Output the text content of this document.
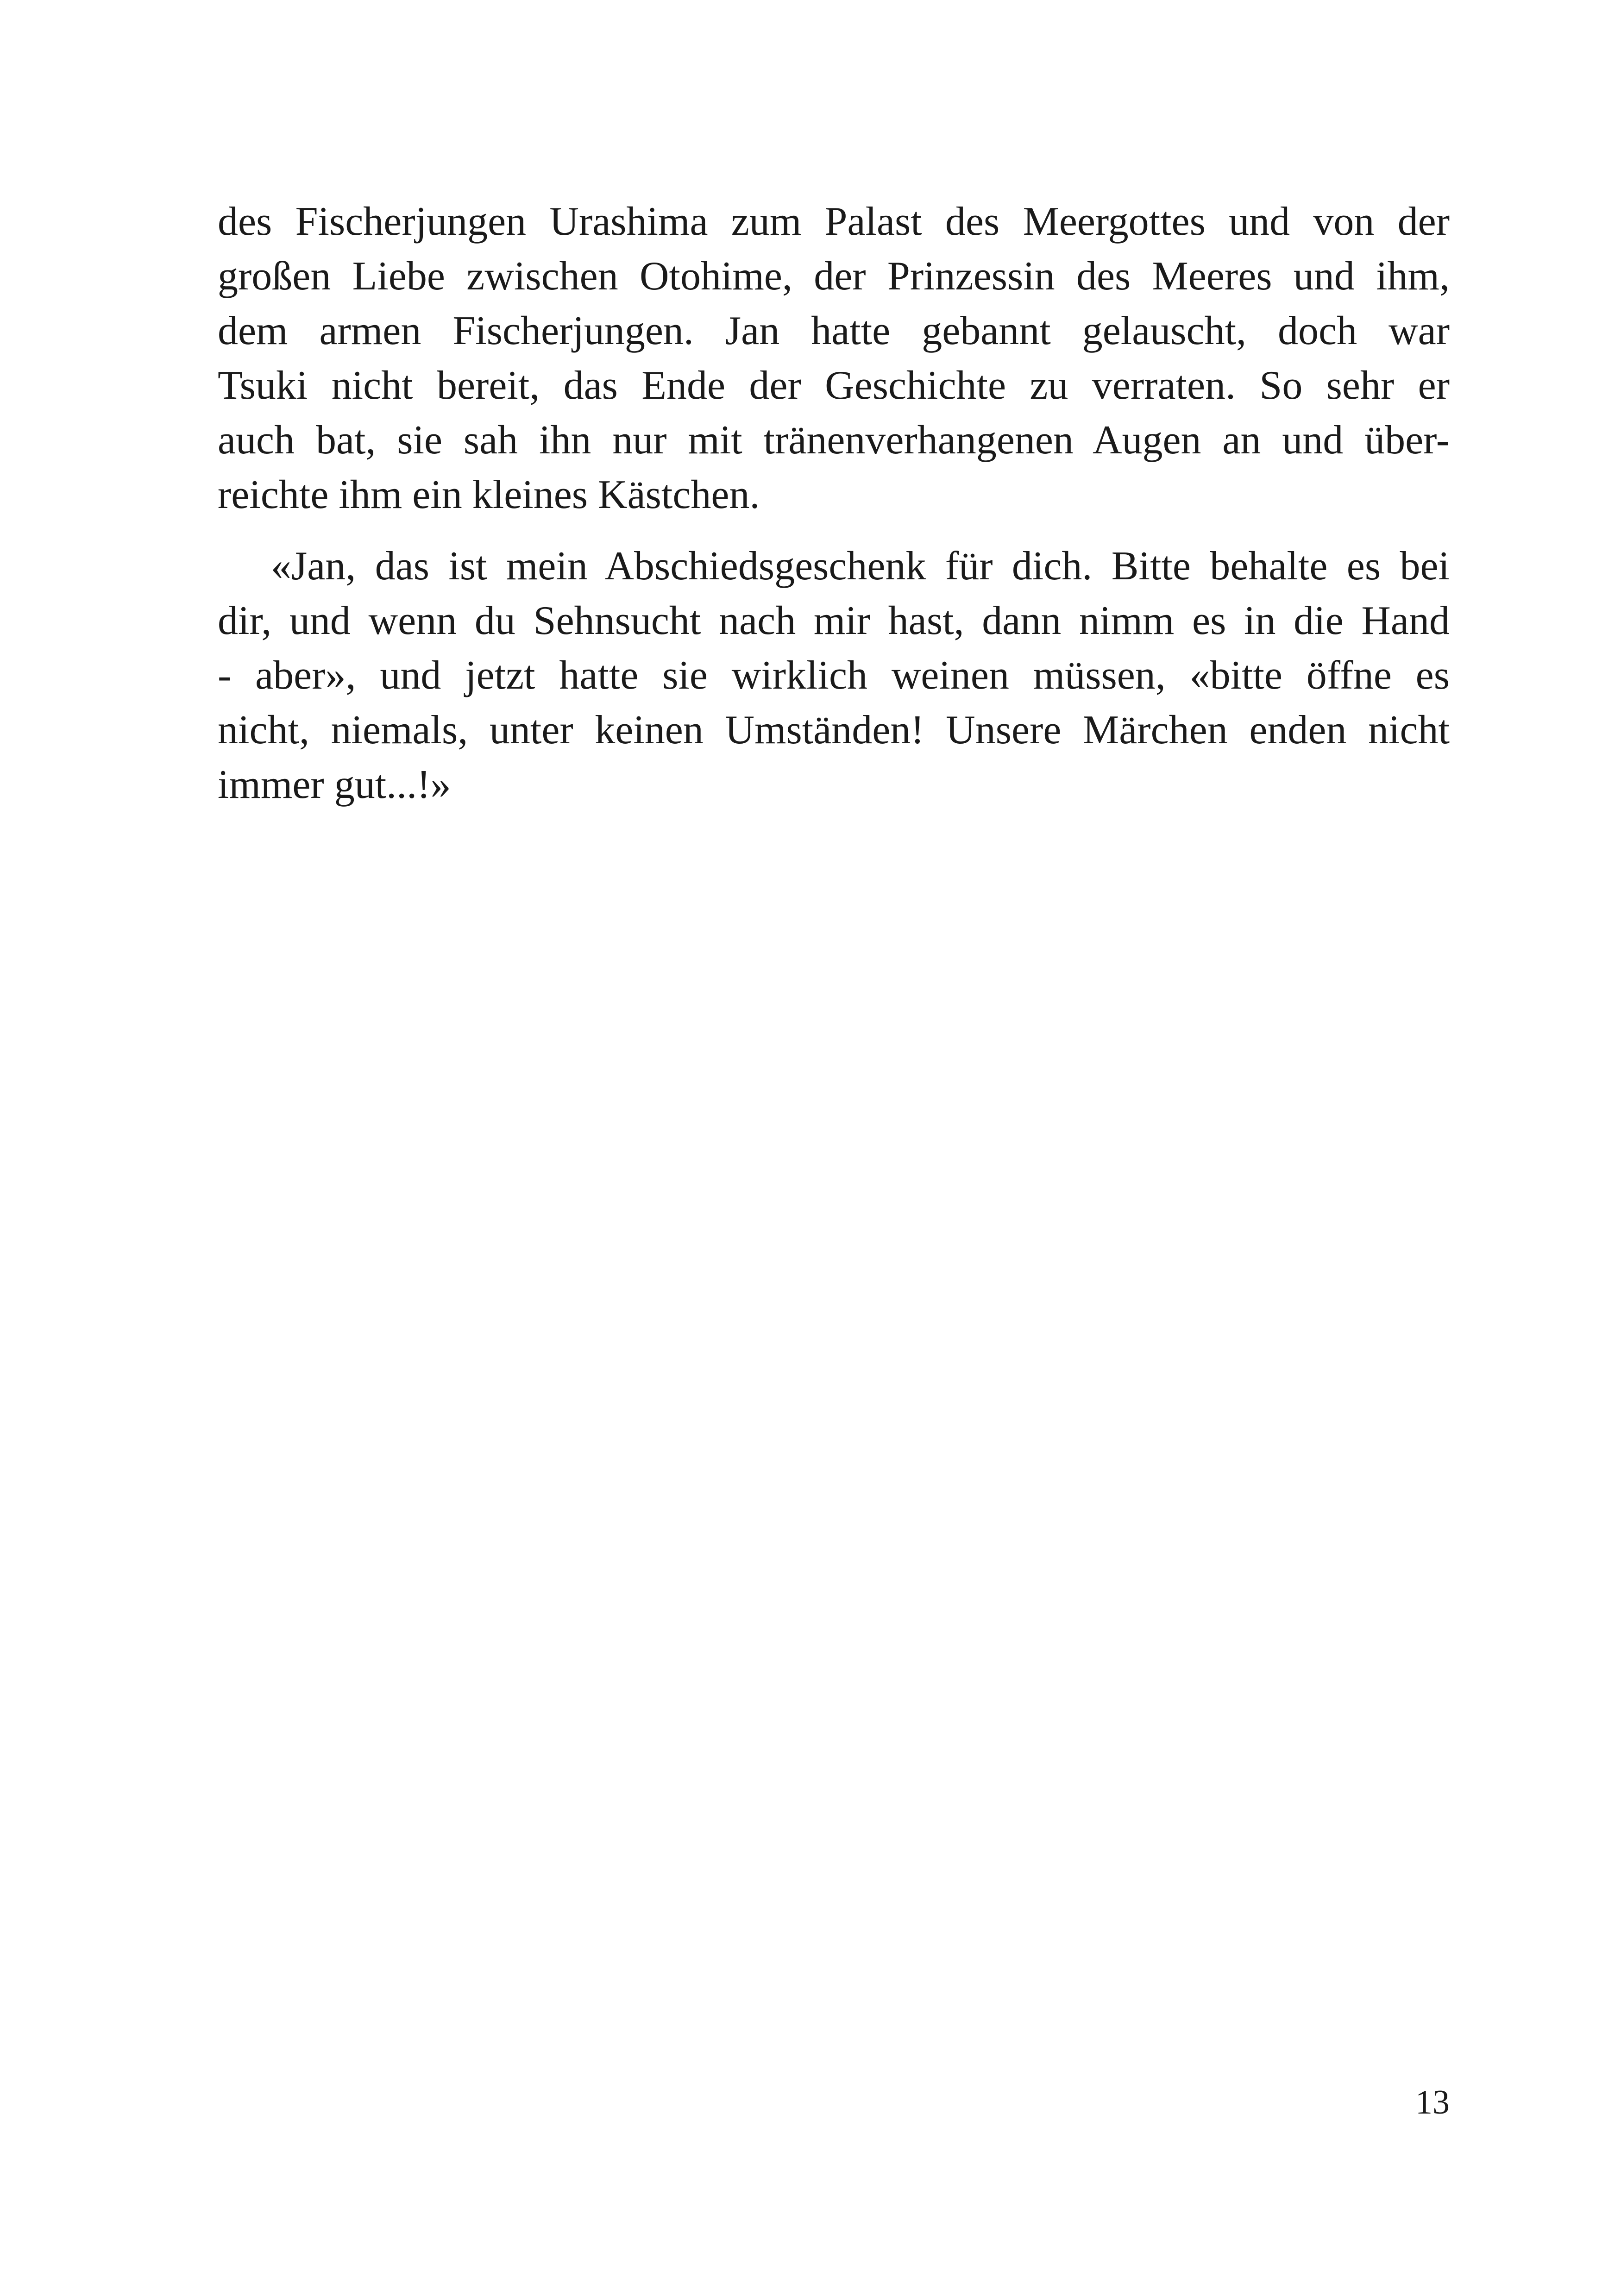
des Fischerjungen Urashima zum Palast des Meergottes und von der
großen Liebe zwischen Otohime, der Prinzessin des Meeres und ihm,
dem armen Fischerjungen. Jan hatte gebannt gelauscht, doch war
Tsuki nicht bereit, das Ende der Geschichte zu verraten. So sehr er
auch bat, sie sah ihn nur mit tränenverhangenen Augen an und über-
reichte ihm ein kleines Kästchen.
«Jan, das ist mein Abschiedsgeschenk für dich. Bitte behalte es bei
dir, und wenn du Sehnsucht nach mir hast, dann nimm es in die Hand
- aber», und jetzt hatte sie wirklich weinen müssen, «bitte öffne es
nicht, niemals, unter keinen Umständen! Unsere Märchen enden nicht
immer gut...!»
13
